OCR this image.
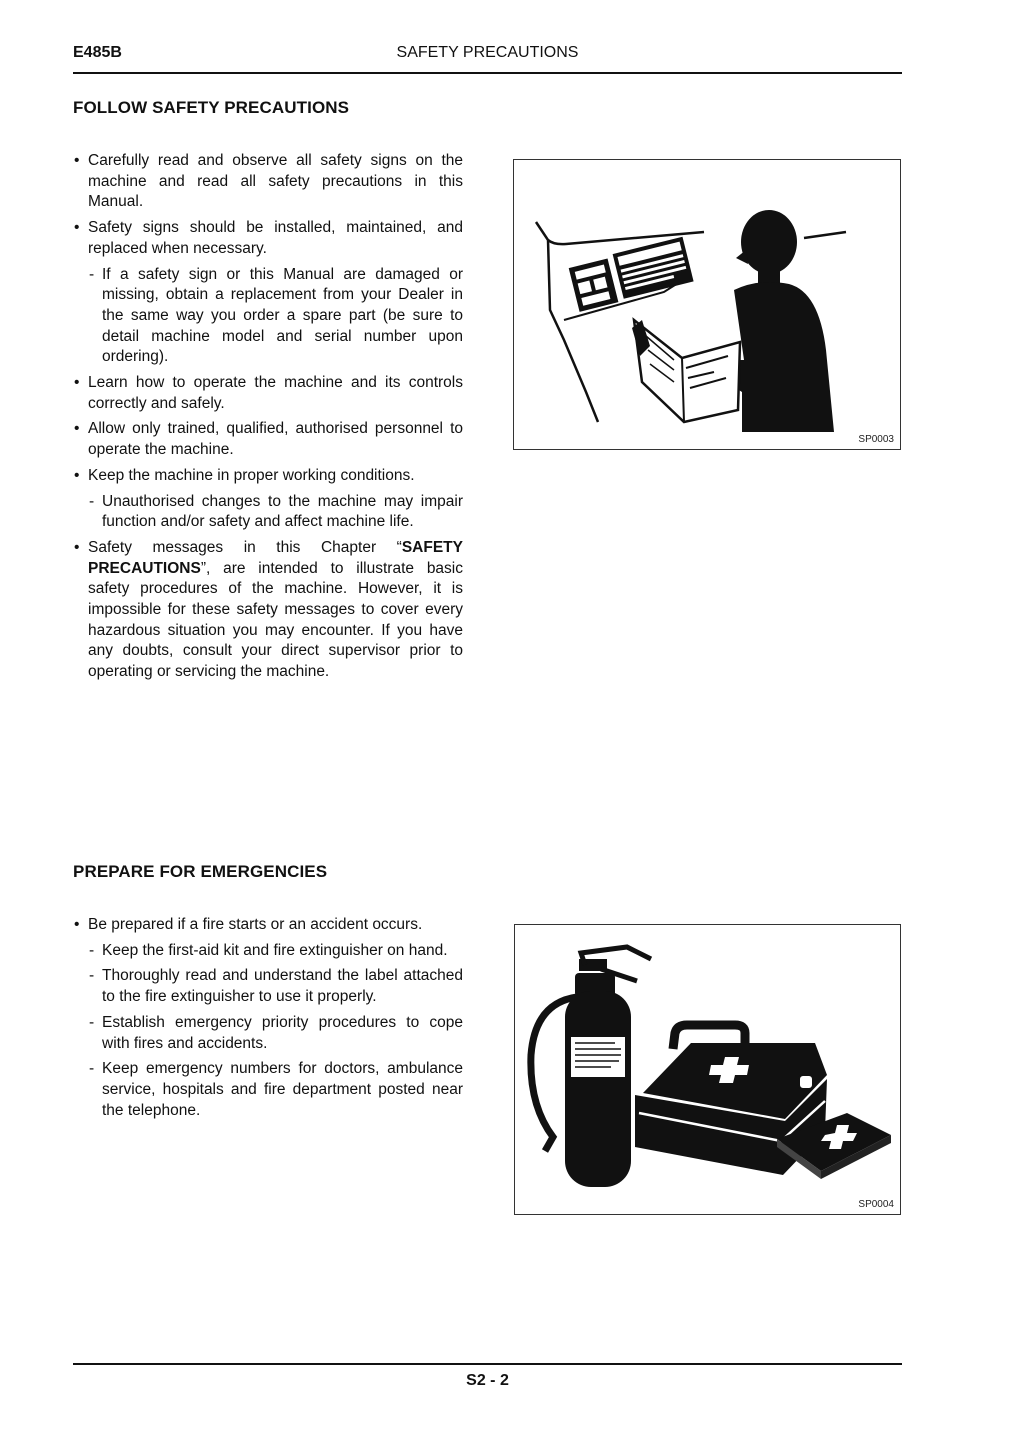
E485B	SAFETY PRECAUTIONS
FOLLOW SAFETY PRECAUTIONS
• Carefully read and observe all safety signs on the machine and read all safety precautions in this Manual.
• Safety signs should be installed, maintained, and replaced when necessary.
- If a safety sign or this Manual are damaged or missing, obtain a replacement from your Dealer in the same way you order a spare part (be sure to detail machine model and serial number upon ordering).
• Learn how to operate the machine and its controls correctly and safely.
• Allow only trained, qualified, authorised personnel to operate the machine.
• Keep the machine in proper working conditions.
- Unauthorised changes to the machine may impair function and/or safety and affect machine life.
• Safety messages in this Chapter “SAFETY PRECAUTIONS”, are intended to illustrate basic safety procedures of the machine. However, it is impossible for these safety messages to cover every hazardous situation you may encounter. If you have any doubts, consult your direct supervisor prior to operating or servicing the machine.
SP0003
PREPARE FOR EMERGENCIES
• Be prepared if a fire starts or an accident occurs.
- Keep the first-aid kit and fire extinguisher on hand.
- Thoroughly read and understand the label attached to the fire extinguisher to use it properly.
- Establish emergency priority procedures to cope with fires and accidents.
- Keep emergency numbers for doctors, ambulance service, hospitals and fire department posted near the telephone.
SP0004
S2 - 2
